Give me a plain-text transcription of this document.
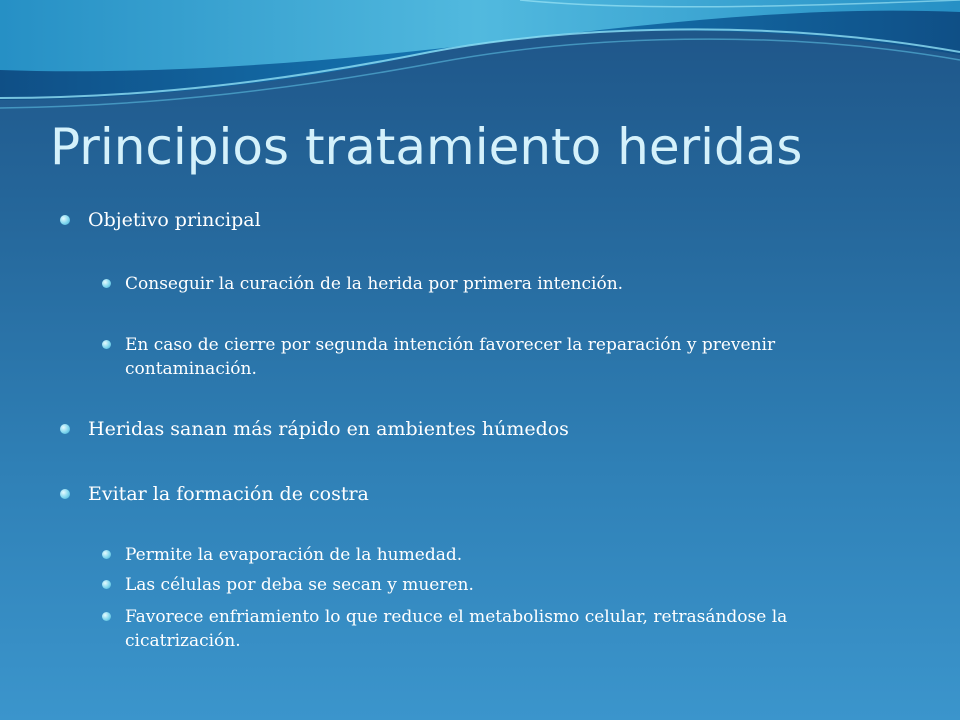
Principios tratamiento heridas
Objetivo principal
Conseguir la curación de la herida por primera intención.
En caso de cierre por segunda intención favorecer la reparación y prevenir contaminación.
Heridas sanan más rápido en ambientes húmedos
Evitar la formación de costra
Permite la evaporación de la humedad.
Las células por deba se secan y mueren.
Favorece enfriamiento lo que reduce el metabolismo celular, retrasándose la cicatrización.
